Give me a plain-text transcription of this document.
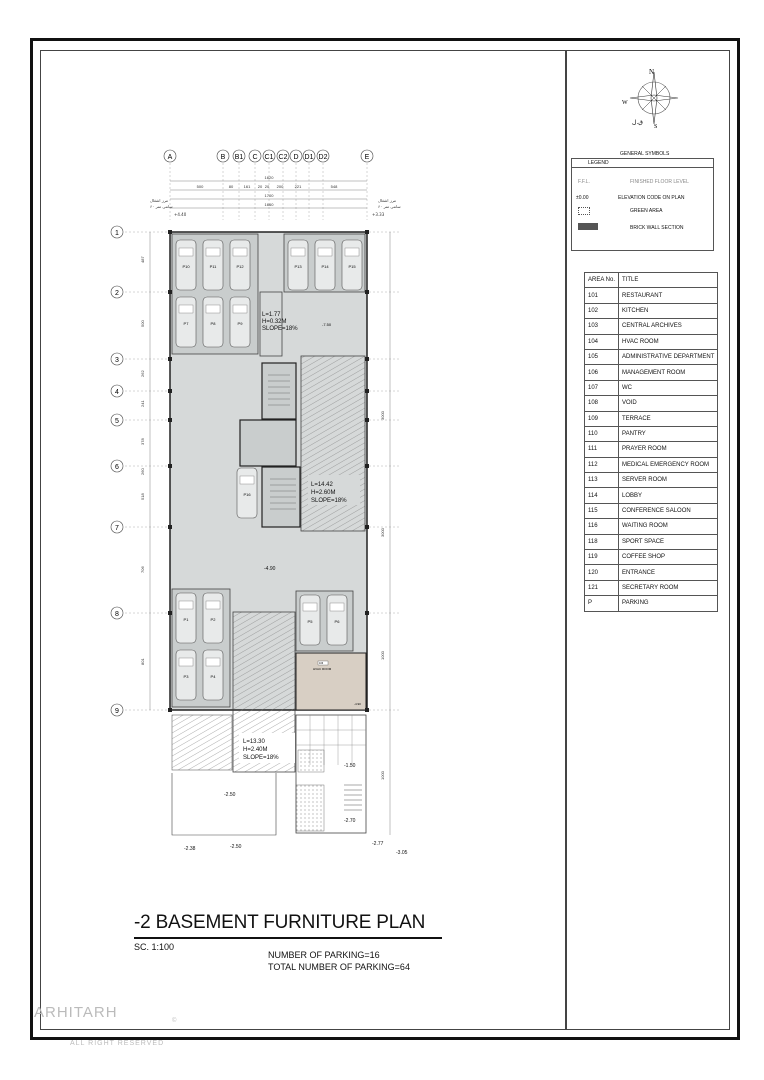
N
S
W
ق.ل
GENERAL SYMBOLS
LEGEND
F.F.L.	FINISHED FLOOR LEVEL
±0.00	ELEVATION CODE ON PLAN
GREEN AREA
BRICK WALL SECTION
AREA No.	TITLE
101	RESTAURANT
102	KITCHEN
103	CENTRAL ARCHIVES
104	HVAC ROOM
105	ADMINISTRATIVE DEPARTMENT
106	MANAGEMENT ROOM
107	WC
108	VOID
109	TERRACE
110	PANTRY
111	PRAYER ROOM
112	MEDICAL EMERGENCY ROOM
113	SERVER ROOM
114	LOBBY
115	CONFERENCE SALOON
116	WAITING ROOM
118	SPORT SPACE
119	COFFEE SHOP
120	ENTRANCE
121	SECRETARY ROOM
P	PARKING
A	B B1 C C1 C2 D D1 D2	E
1
2
3
4
5
6
7
8
9
1620
500	80	161 20 20 200	221	548
1700
1660
مرز اشغال
۶۰ سانتی متر
مرز اشغال
۶۰ سانتی متر
+4.40	+3.33
487
500
262
241
378
260
518
706
801
3000
3000
1000
1000
L=1.77
H=0.32M
SLOPE=18%
-7.50
L=14.42
H=2.60M
SLOPE=18%
L=13.30
H=2.40M
SLOPE=18%
106
HVAC ROOM
-4.90
-4.90
-1.50
-2.50
-2.38	-2.50
-2.70
-2.77
-3.05
P10	P11	P12	P13	P14	P15
P7	P8	P9
P16
P1	P2
P3	P4
P5	P6
-2 BASEMENT FURNITURE PLAN
SC. 1:100
NUMBER OF PARKING=16
TOTAL NUMBER OF PARKING=64
ARHITARH	©
ALL RIGHT RESERVED
